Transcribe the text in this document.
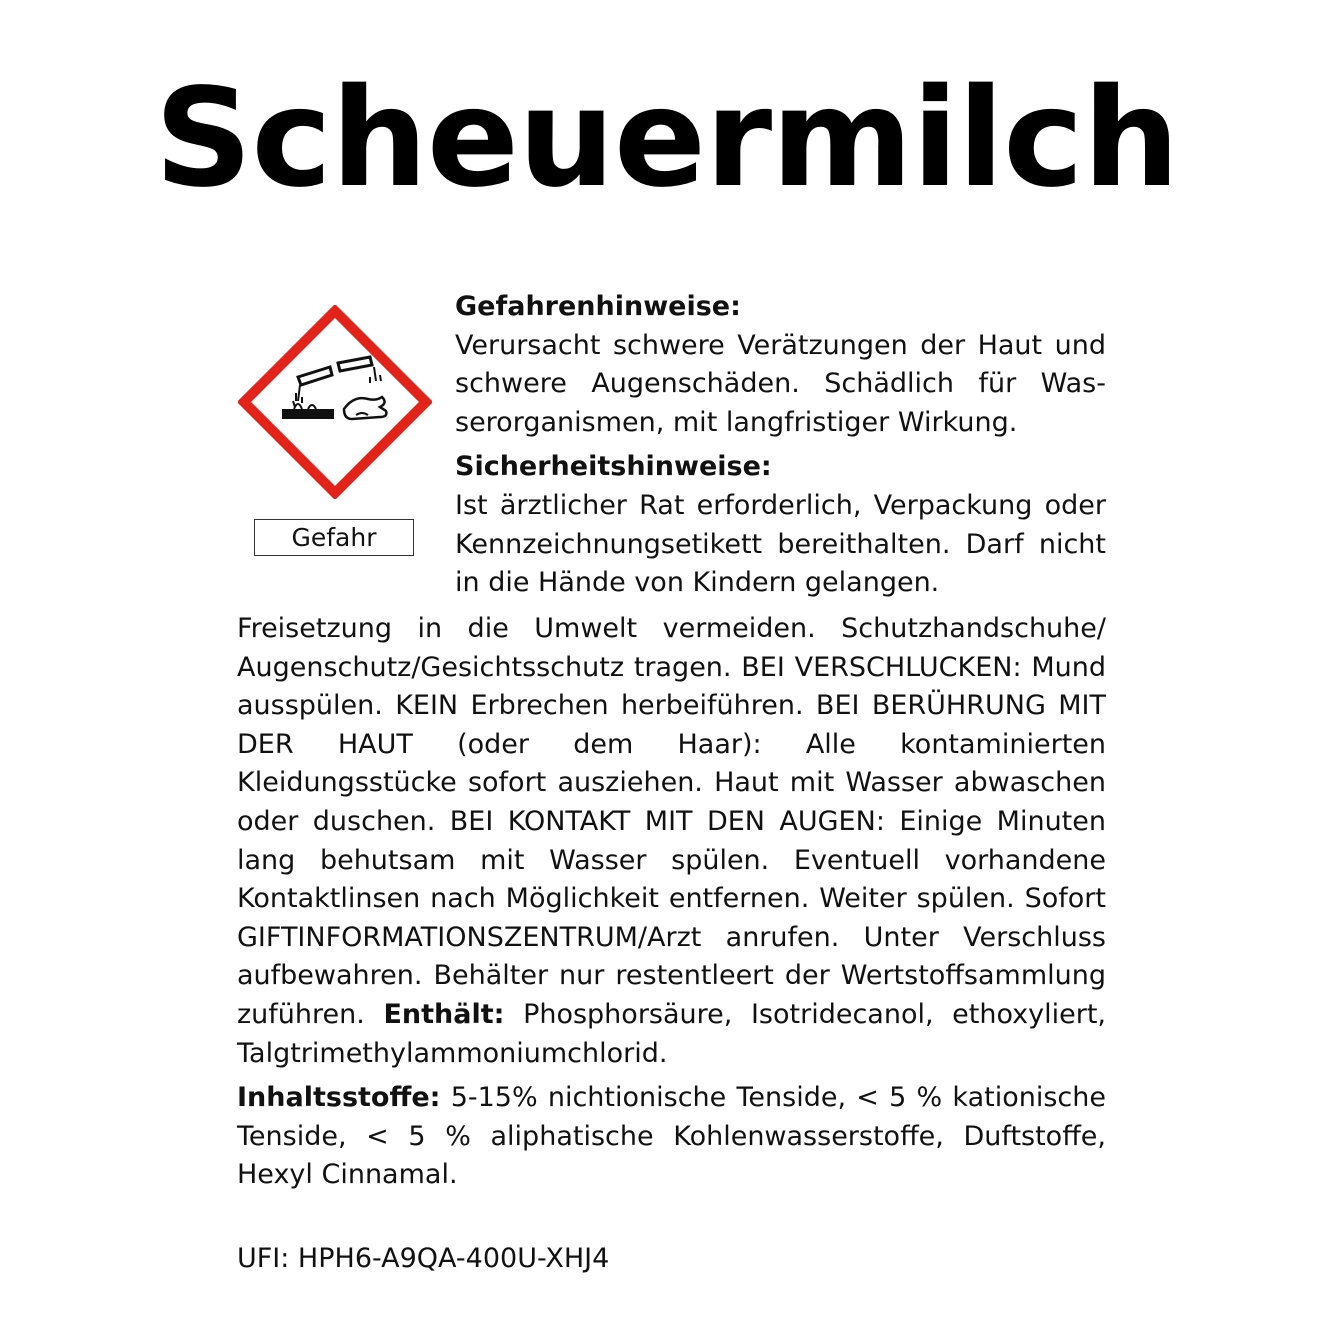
Scheuermilch
Gefahr
Gefahrenhinweise:
Verursacht schwere Verätzungen der Haut und schwere Augenschäden. Schädlich für Wasserorganismen, mit langfristiger Wirkung.
Sicherheitshinweise:
Ist ärztlicher Rat erforderlich, Verpackung oder Kennzeichnungsetikett bereithalten. Darf nicht in die Hände von Kindern gelangen.
Freisetzung in die Umwelt vermeiden. Schutzhandschuhe/ Augenschutz/Gesichtsschutz tragen. BEI VERSCHLUCKEN: Mund ausspülen. KEIN Erbrechen herbeiführen. BEI BERÜHRUNG MIT DER HAUT (oder dem Haar): Alle kontaminierten Kleidungsstücke sofort ausziehen. Haut mit Wasser abwaschen oder duschen. BEI KONTAKT MIT DEN AUGEN: Einige Minuten lang behutsam mit Wasser spülen. Eventuell vorhandene Kontaktlinsen nach Möglichkeit entfernen. Weiter spülen. Sofort GIFTINFORMATIONSZENTRUM/Arzt anrufen. Unter Verschluss aufbewahren. Behälter nur restentleert der Wertstoffsammlung zuführen. Enthält: Phosphorsäure, Isotridecanol, ethoxyliert, Talgtrimethylammoniumchlorid.
Inhaltsstoffe: 5-15% nichtionische Tenside, < 5 % kationische Tenside, < 5 % aliphatische Kohlenwasserstoffe, Duftstoffe, Hexyl Cinnamal.
UFI: HPH6-A9QA-400U-XHJ4
